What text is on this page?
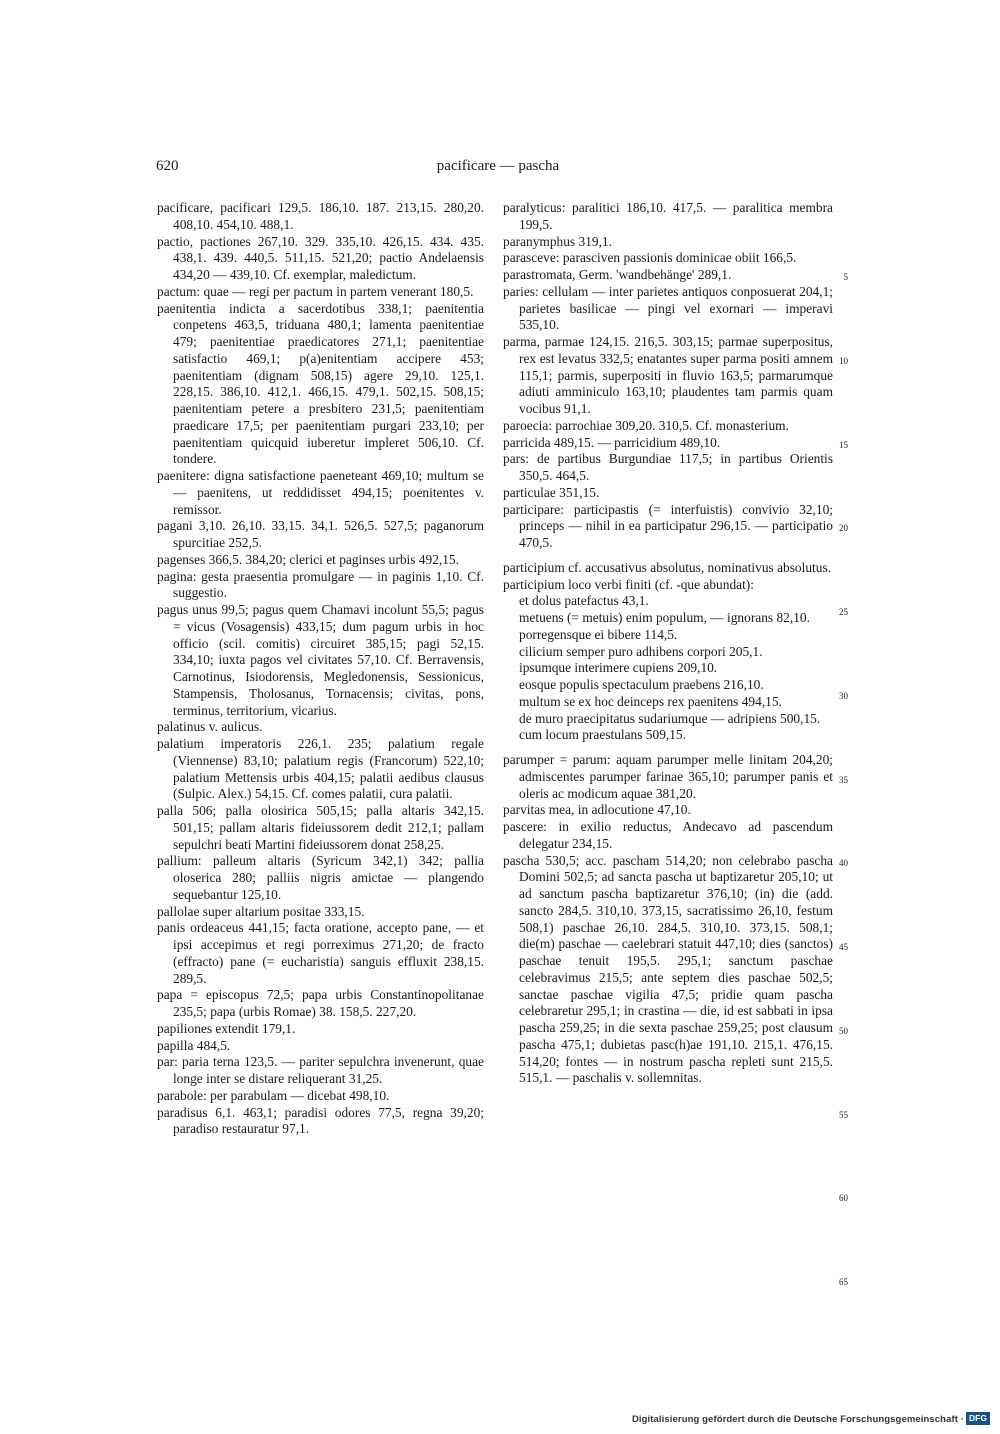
620	pacificare — pascha

pacificare, pacificari 129,5. 186,10. 187. 213,15. 280,20. 408,10. 454,10. 488,1.

pactio, pactiones 267,10. 329. 335,10. 426,15. 434. 435. 438,1. 439. 440,5. 511,15. 521,20; pactio Andelaensis 434,20 — 439,10. Cf. exemplar, maledictum.

pactum: quae — regi per pactum in partem venerant 180,5.

paenitentia indicta a sacerdotibus 338,1; paenitentia conpetens 463,5, triduana 480,1; lamenta paenitentiae 479; paenitentiae praedicatores 271,1; paenitentiae satisfactio 469,1; p(a)enitentiam accipere 453; paenitentiam (dignam 508,15) agere 29,10. 125,1. 228,15. 386,10. 412,1. 466,15. 479,1. 502,15. 508,15; paenitentiam petere a presbitero 231,5; paenitentiam praedicare 17,5; per paenitentiam purgari 233,10; per paenitentiam quicquid iuberetur impleret 506,10. Cf. tondere.

paenitere: digna satisfactione paeneteant 469,10; multum se — paenitens, ut reddidisset 494,15; poenitentes v. remissor.

pagani 3,10. 26,10. 33,15. 34,1. 526,5. 527,5; paganorum spurcitiae 252,5.

pagenses 366,5. 384,20; clerici et paginses urbis 492,15.

pagina: gesta praesentia promulgare — in paginis 1,10. Cf. suggestio.

pagus unus 99,5; pagus quem Chamavi incolunt 55,5; pagus = vicus (Vosagensis) 433,15; dum pagum urbis in hoc officio (scil. comitis) circuiret 385,15; pagi 52,15. 334,10; iuxta pagos vel civitates 57,10. Cf. Berravensis, Carnotinus, Isiodorensis, Megledonensis, Sessionicus, Stampensis, Tholosanus, Tornacensis; civitas, pons, terminus, territorium, vicarius.

palatinus v. aulicus.

palatium imperatoris 226,1. 235; palatium regale (Viennense) 83,10; palatium regis (Francorum) 522,10; palatium Mettensis urbis 404,15; palatii aedibus clausus (Sulpic. Alex.) 54,15. Cf. comes palatii, cura palatii.

palla 506; palla olosirica 505,15; palla altaris 342,15. 501,15; pallam altaris fideiussorem dedit 212,1; pallam sepulchri beati Martini fideiussorem donat 258,25.

pallium: palleum altaris (Syricum 342,1) 342; pallia oloserica 280; palliis nigris amictae — plangendo sequebantur 125,10.

pallolae super altarium positae 333,15.

panis ordeaceus 441,15; facta oratione, accepto pane, — et ipsi accepimus et regi porreximus 271,20; de fracto (effracto) pane (= eucharistia) sanguis effluxit 238,15. 289,5.

papa = episcopus 72,5; papa urbis Constantinopolitanae 235,5; papa (urbis Romae) 38. 158,5. 227,20.

papiliones extendit 179,1.

papilla 484,5.

par: paria terna 123,5. — pariter sepulchra invenerunt, quae longe inter se distare reliquerant 31,25.

parabole: per parabulam — dicebat 498,10.

paradisus 6,1. 463,1; paradisi odores 77,5, regna 39,20; paradiso restauratur 97,1.

paralyticus: paralitici 186,10. 417,5. — paralitica membra 199,5.

paranymphus 319,1.

parasceve: parasciven passionis dominicae obiit 166,5.

parastromata, Germ. 'wandbehänge' 289,1.

paries: cellulam — inter parietes antiquos conposuerat 204,1; parietes basilicae — pingi vel exornari — imperavi 535,10.

parma, parmae 124,15. 216,5. 303,15; parmae superpositus, rex est levatus 332,5; enatantes super parma positi amnem 115,1; parmis, superpositi in fluvio 163,5; parmarumque adiuti amminiculo 163,10; plaudentes tam parmis quam vocibus 91,1.

paroecia: parrochiae 309,20. 310,5. Cf. monasterium.

parricida 489,15. — parricidium 489,10.

pars: de partibus Burgundiae 117,5; in partibus Orientis 350,5. 464,5.

particulae 351,15.

participare: participastis (= interfuistis) convivio 32,10; princeps — nihil in ea participatur 296,15. — participatio 470,5.

participium cf. accusativus absolutus, nominativus absolutus.

participium loco verbi finiti (cf. -que abundat):

et dolus patefactus 43,1.

metuens (= metuis) enim populum, — ignorans 82,10.

porregensque ei bibere 114,5.

cilicium semper puro adhibens corpori 205,1.

ipsumque interimere cupiens 209,10.

eosque populis spectaculum praebens 216,10.

multum se ex hoc deinceps rex paenitens 494,15.

de muro praecipitatus sudariumque — adripiens 500,15.

cum locum praestulans 509,15.

parumper = parum: aquam parumper melle linitam 204,20; admiscentes parumper farinae 365,10; parumper panis et oleris ac modicum aquae 381,20.

parvitas mea, in adlocutione 47,10.

pascere: in exilio reductus, Andecavo ad pascendum delegatur 234,15.

pascha 530,5; acc. pascham 514,20; non celebrabo pascha Domini 502,5; ad sancta pascha ut baptizaretur 205,10; ut ad sanctum pascha baptizaretur 376,10; (in) die (add. sancto 284,5. 310,10. 373,15, sacratissimo 26,10, festum 508,1) paschae 26,10. 284,5. 310,10. 373,15. 508,1; die(m) paschae — caelebrari statuit 447,10; dies (sanctos) paschae tenuit 195,5. 295,1; sanctum paschae celebravimus 215,5; ante septem dies paschae 502,5; sanctae paschae vigilia 47,5; pridie quam pascha celebraretur 295,1; in crastina — die, id est sabbati in ipsa pascha 259,25; in die sexta paschae 259,25; post clausum pascha 475,1; dubietas pasc(h)ae 191,10. 215,1. 476,15. 514,20; fontes — in nostrum pascha repleti sunt 215,5. 515,1. — paschalis v. sollemnitas.

5
10
15
20
25
30
35
40
45
50
55
60
65
Digitalisierung gefördert durch die Deutsche Forschungsgemeinschaft · DFG
